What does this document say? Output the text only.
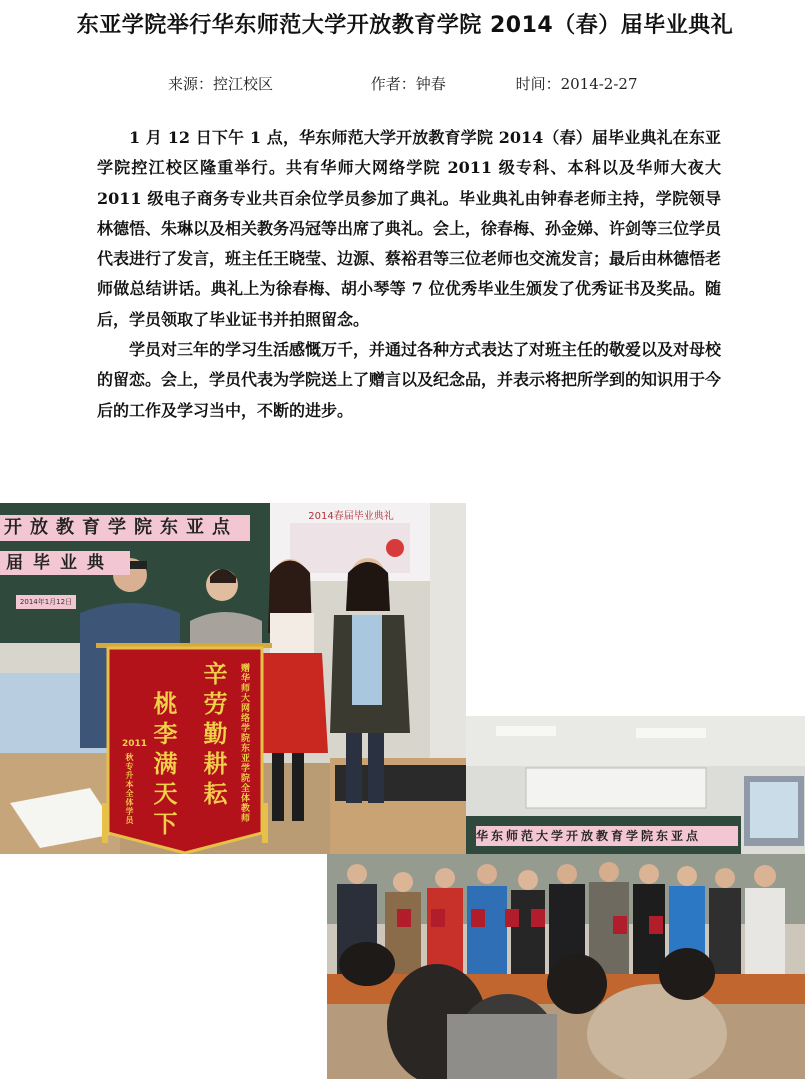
东亚学院举行华东师范大学开放教育学院 2014（春）届毕业典礼
来源：控江校区	作者：钟春	时间：2014-2-27

1 月 12 日下午 1 点，华东师范大学开放教育学院 2014（春）届毕业典礼在东亚学院控江校区隆重举行。共有华师大网络学院 2011 级专科、本科以及华师大夜大 2011 级电子商务专业共百余位学员参加了典礼。毕业典礼由钟春老师主持，学院领导林德悟、朱琳以及相关教务冯冠等出席了典礼。会上，徐春梅、孙金娣、许剑等三位学员代表进行了发言，班主任王晓莹、边源、蔡裕君等三位老师也交流发言；最后由林德悟老师做总结讲话。典礼上为徐春梅、胡小琴等 7 位优秀毕业生颁发了优秀证书及奖品。随后，学员领取了毕业证书并拍照留念。

学员对三年的学习生活感慨万千，并通过各种方式表达了对班主任的敬爱以及对母校的留恋。会上，学员代表为学院送上了赠言以及纪念品，并表示将把所学到的知识用于今后的工作及学习当中，不断的进步。

开放教育学院东亚点
届毕业典
2014年1月12日
2014春届毕业典礼
辛劳勤耕耘
桃李满天下	赠华师大网络学院东亚学院全体教师
2011
秋专升本全体学员
华东师范大学开放教育学院东亚点
